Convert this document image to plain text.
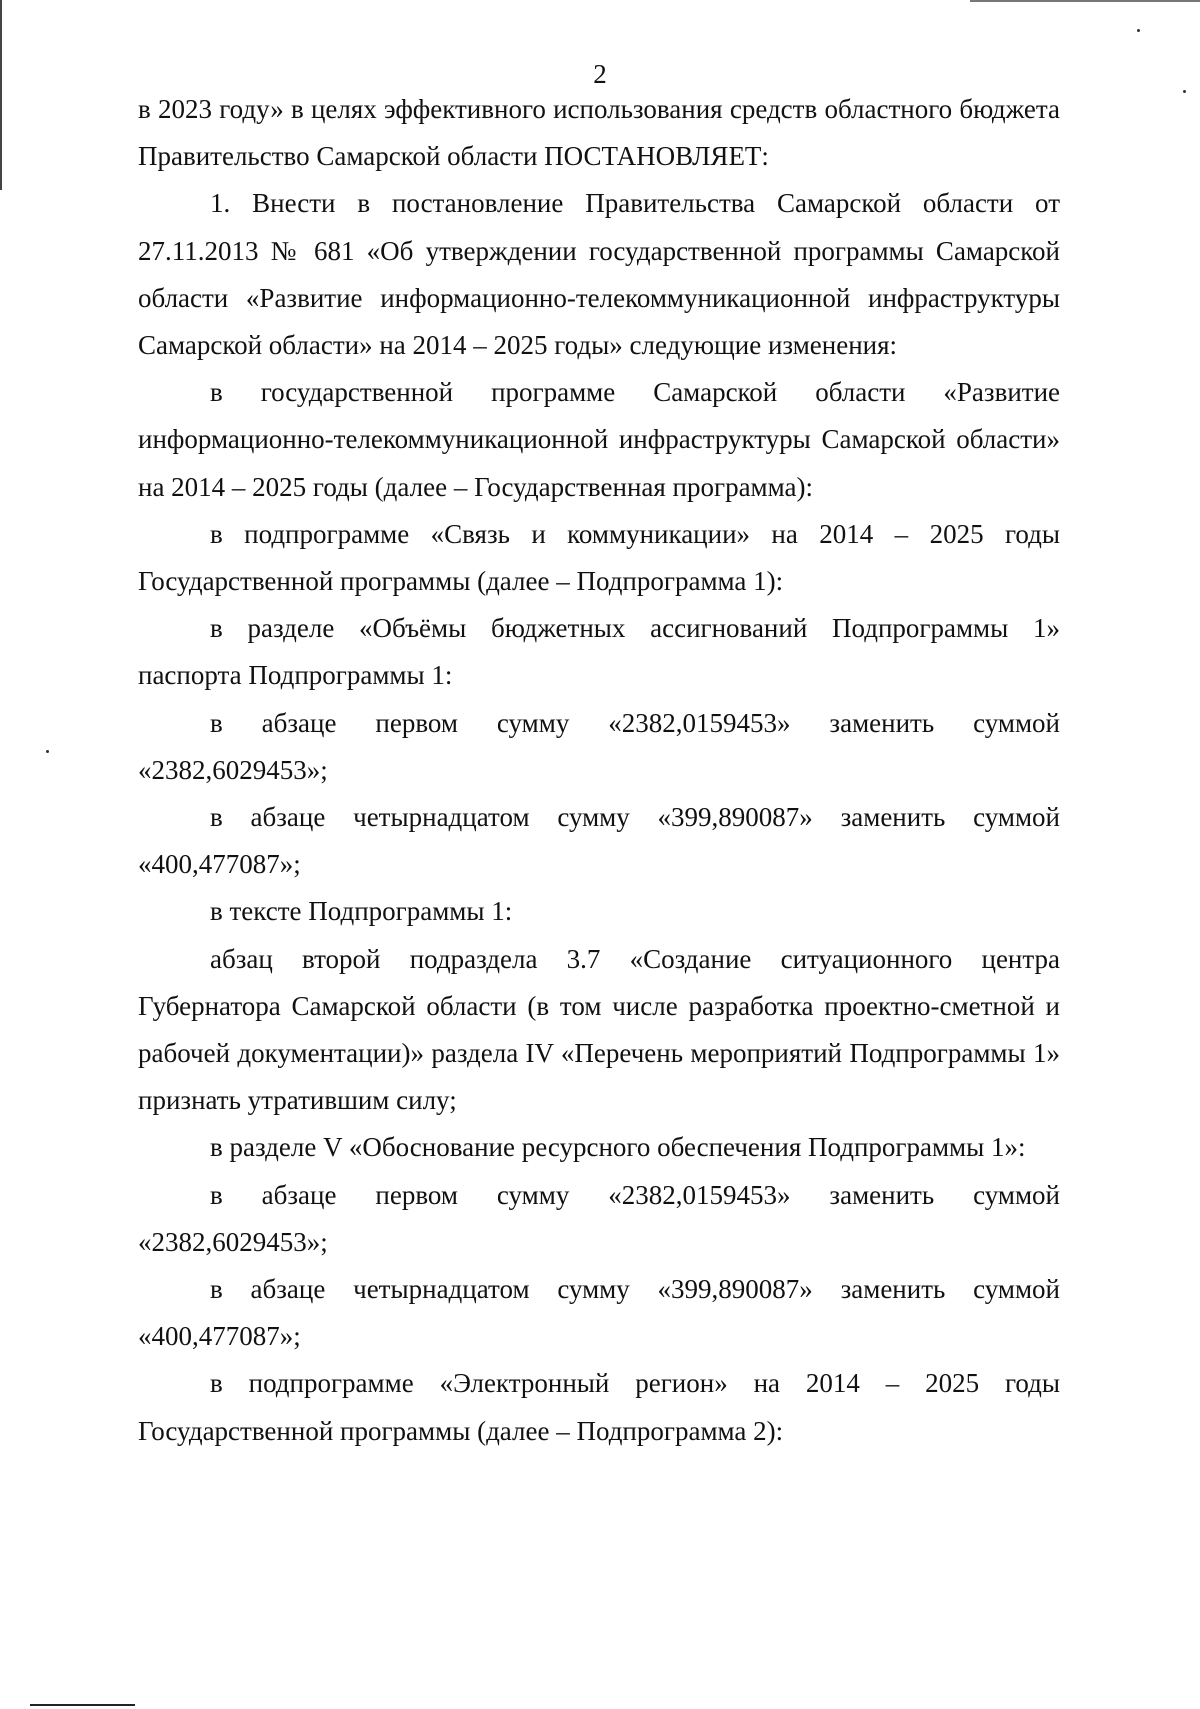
2

в 2023 году» в целях эффективного использования средств областного бюджета Правительство Самарской области ПОСТАНОВЛЯЕТ:

1. Внести в постановление Правительства Самарской области от 27.11.2013 № 681 «Об утверждении государственной программы Самарской области «Развитие информационно-телекоммуникационной инфраструктуры Самарской области» на 2014 – 2025 годы» следующие изменения:

в государственной программе Самарской области «Развитие информационно-телекоммуникационной инфраструктуры Самарской области» на 2014 – 2025 годы (далее – Государственная программа):

в подпрограмме «Связь и коммуникации» на 2014 – 2025 годы Государственной программы (далее – Подпрограмма 1):

в разделе «Объёмы бюджетных ассигнований Подпрограммы 1» паспорта Подпрограммы 1:

в абзаце первом сумму «2382,0159453» заменить суммой «2382,6029453»;

в абзаце четырнадцатом сумму «399,890087» заменить суммой «400,477087»;

в тексте Подпрограммы 1:

абзац второй подраздела 3.7 «Создание ситуационного центра Губернатора Самарской области (в том числе разработка проектно-сметной и рабочей документации)» раздела IV «Перечень мероприятий Подпрограммы 1» признать утратившим силу;

в разделе V «Обоснование ресурсного обеспечения Подпрограммы 1»:

в абзаце первом сумму «2382,0159453» заменить суммой «2382,6029453»;

в абзаце четырнадцатом сумму «399,890087» заменить суммой «400,477087»;

в подпрограмме «Электронный регион» на 2014 – 2025 годы Государственной программы (далее – Подпрограмма 2):
